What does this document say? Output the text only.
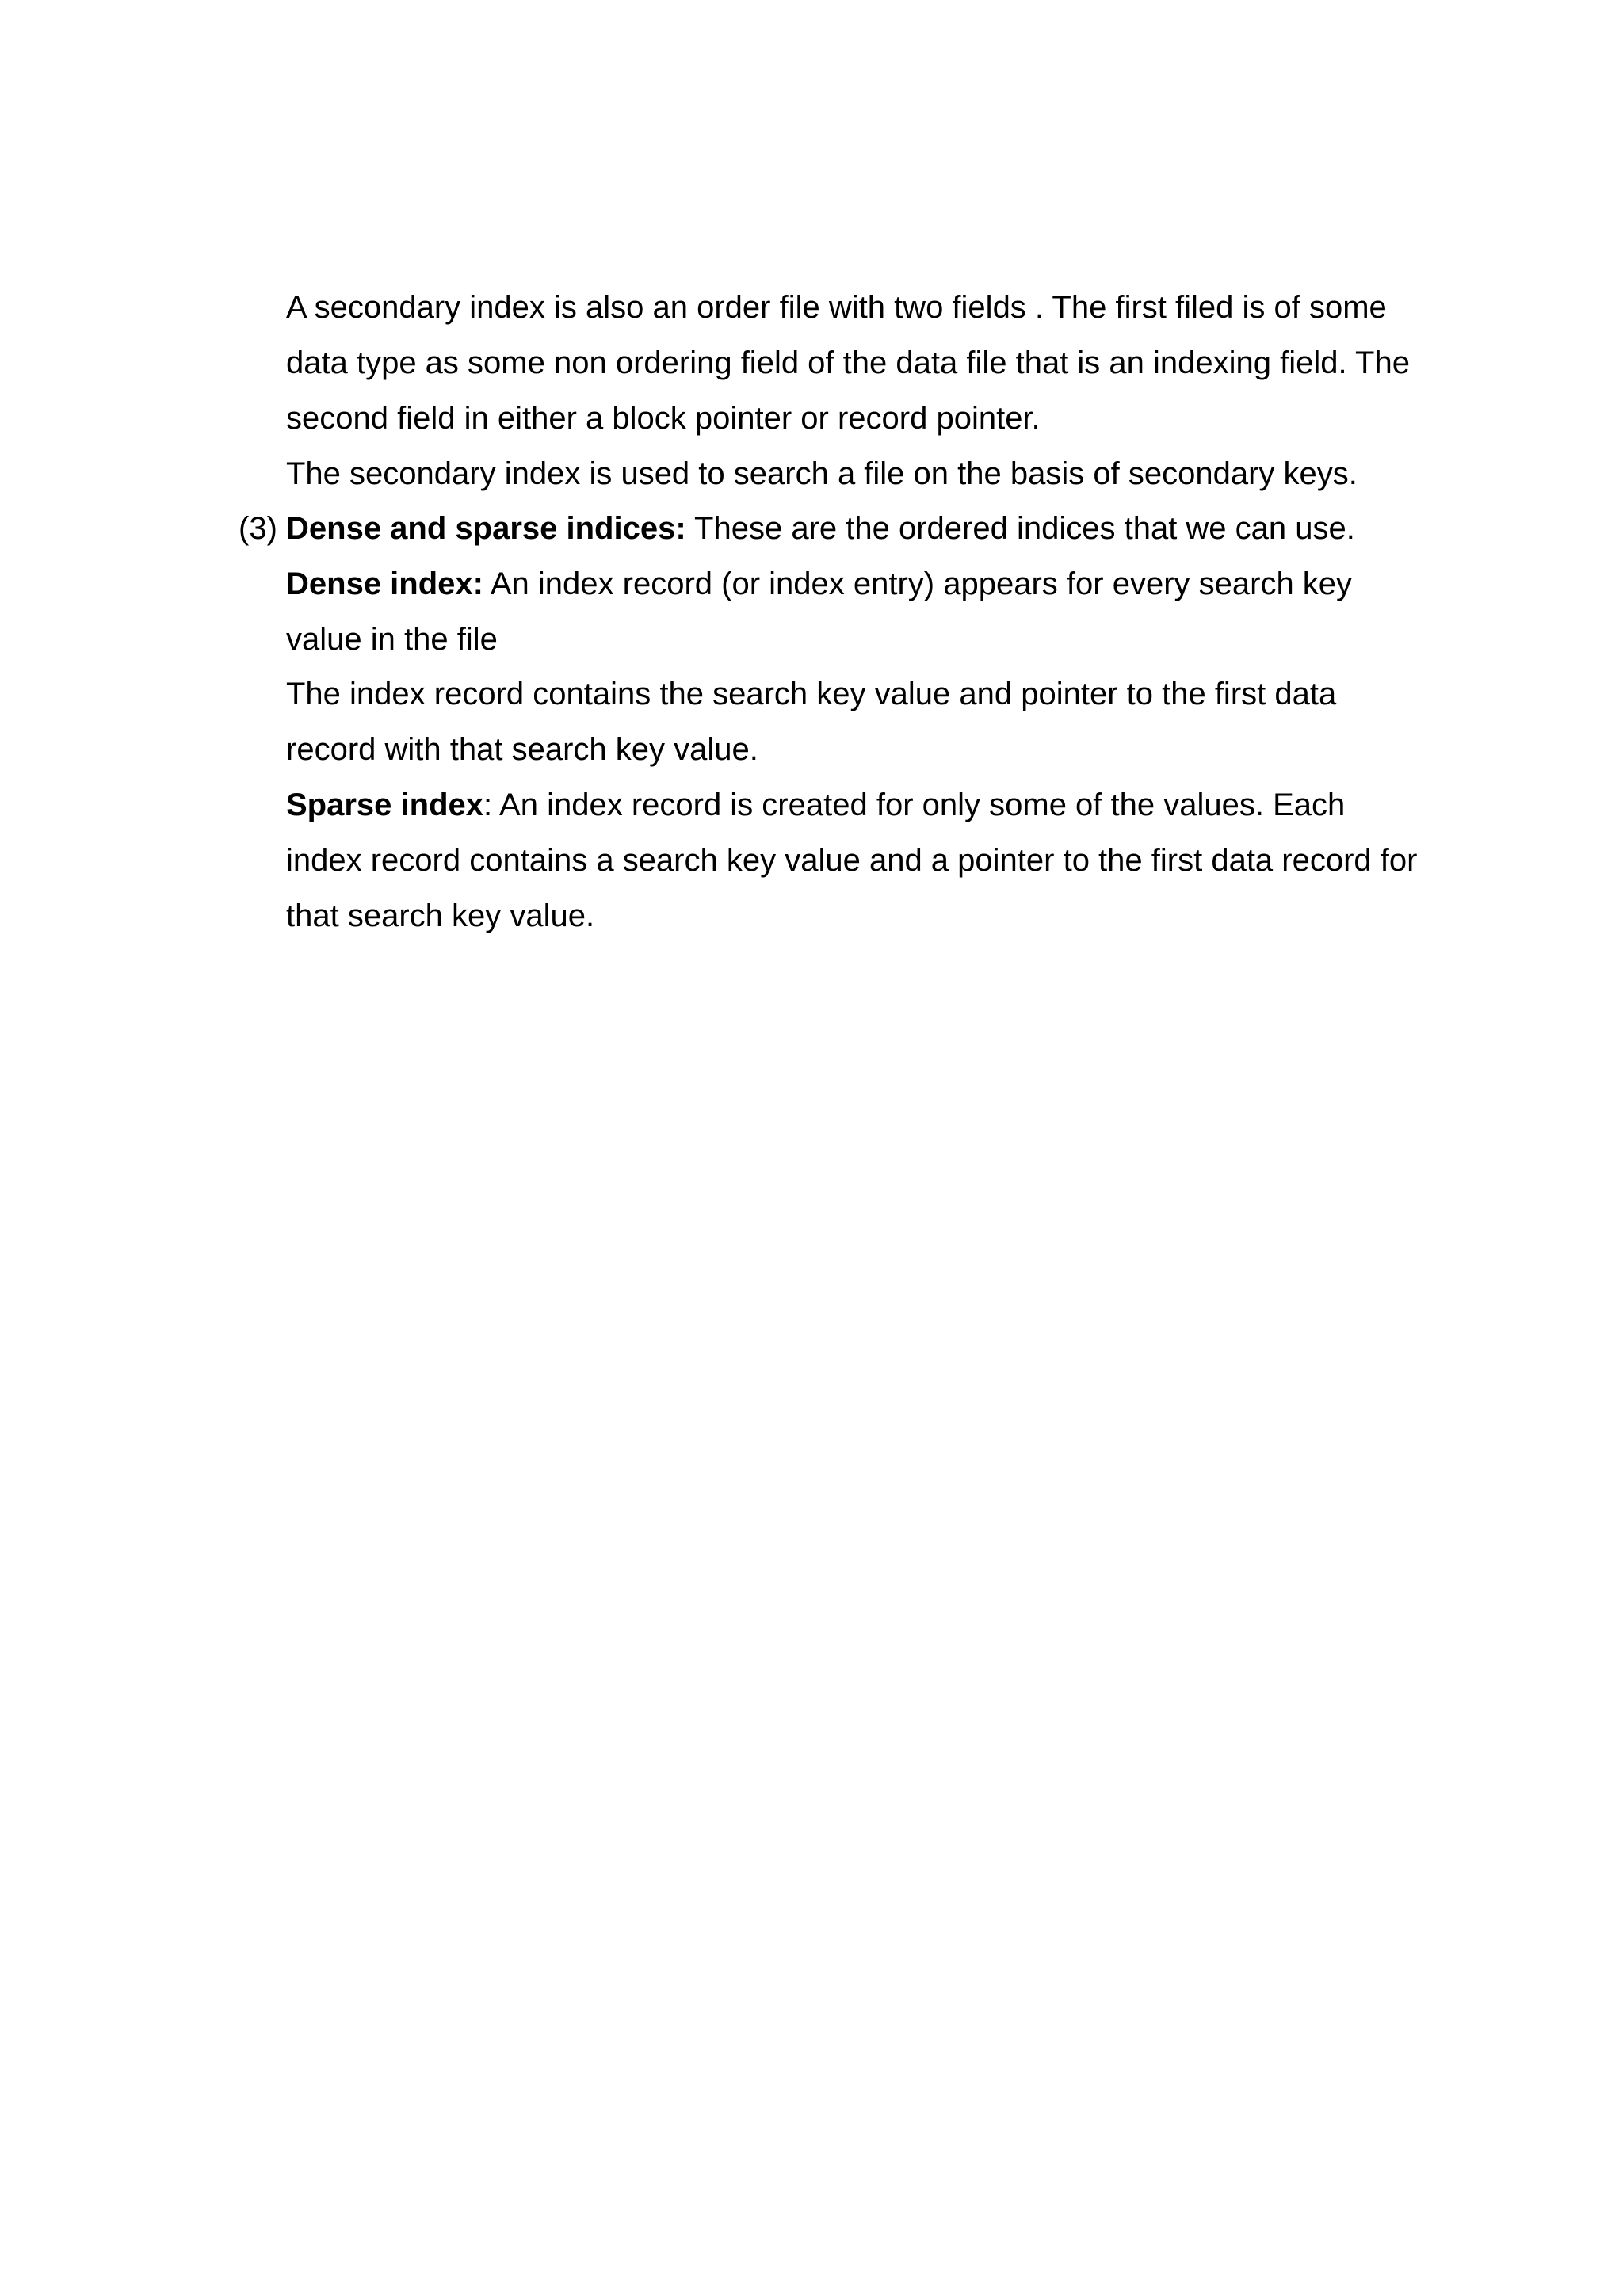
A secondary index is also an order file with two fields . The first filed is of some
data type as some non ordering field of the data file that is an indexing field. The
second field in either a block pointer or record pointer.
The secondary index is used to search a file on the basis of secondary keys.
(3) Dense and sparse indices: These are the ordered indices that we can use.
Dense index: An index record (or index entry) appears for every search key
value in the file
The index record contains the search key value and pointer to the first data
record with that search key value.
Sparse index: An index record is created for only some of the values. Each
index record contains a search key value and a pointer to the first data record for
that search key value.
